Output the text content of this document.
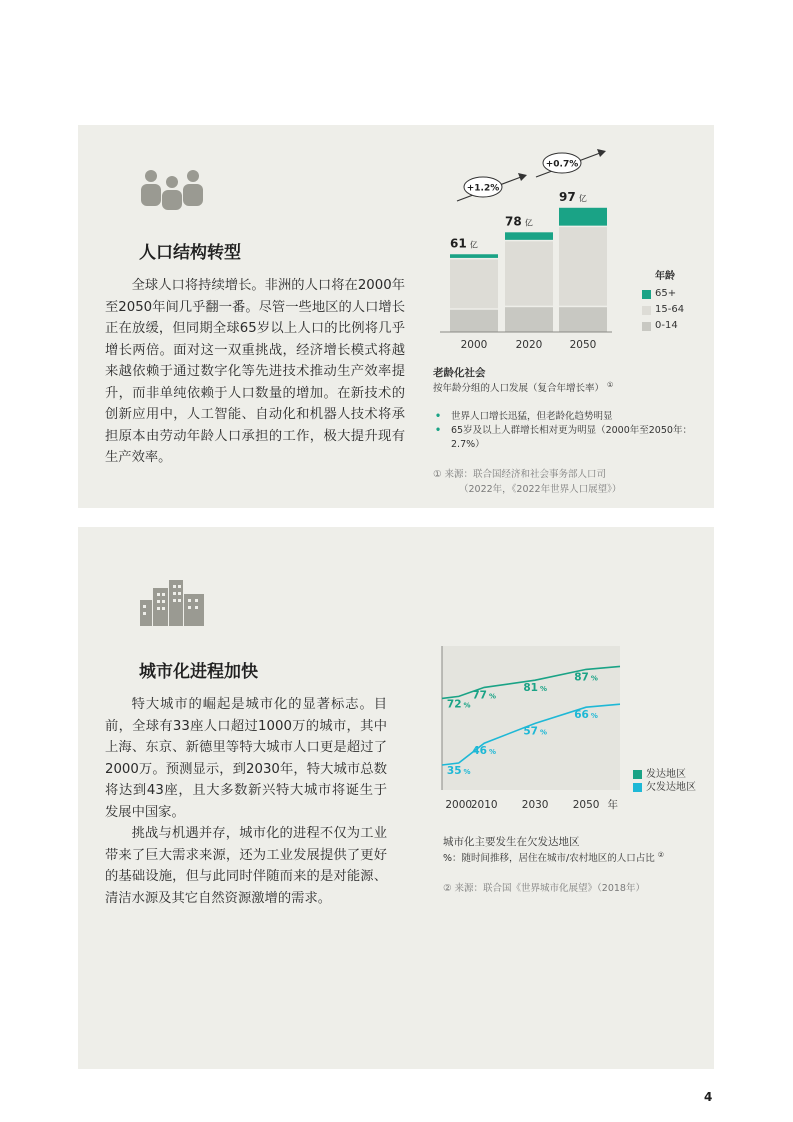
人口结构转型

全球人口将持续增长。非洲的人口将在2000年至2050年间几乎翻一番。尽管一些地区的人口增长正在放缓，但同期全球65岁以上人口的比例将几乎增长两倍。面对这一双重挑战，经济增长模式将越来越依赖于通过数字化等先进技术推动生产效率提升，而非单纯依赖于人口数量的增加。在新技术的创新应用中，人工智能、自动化和机器人技术将承担原本由劳动年龄人口承担的工作，极大提升现有生产效率。

2000
61 亿
2020
78 亿
2050
97 亿
+1.2%
+0.7%
年龄
65+
15-64
0-14
老龄化社会
按年龄分组的人口发展（复合年增长率） ①
• 世界人口增长迅猛，但老龄化趋势明显
• 65岁及以上人群增长相对更为明显（2000年至2050年：2.7%）
① 来源：联合国经济和社会事务部人口司
（2022年，《2022年世界人口展望》）
城市化进程加快

特大城市的崛起是城市化的显著标志。目前，全球有33座人口超过1000万的城市，其中上海、东京、新德里等特大城市人口更是超过了2000万。预测显示，到2030年，特大城市总数将达到43座，且大多数新兴特大城市将诞生于发展中国家。

挑战与机遇并存，城市化的进程不仅为工业带来了巨大需求来源，还为工业发展提供了更好的基础设施，但与此同时伴随而来的是对能源、清洁水源及其它自然资源激增的需求。

72 %
77 %
81 %
87 %
35 %
46 %
57 %
66 %
2000
2010 2030 2050 年
发达地区
欠发达地区
城市化主要发生在欠发达地区
%：随时间推移，居住在城市/农村地区的人口占比 ②
② 来源：联合国《世界城市化展望》（2018年）
4
